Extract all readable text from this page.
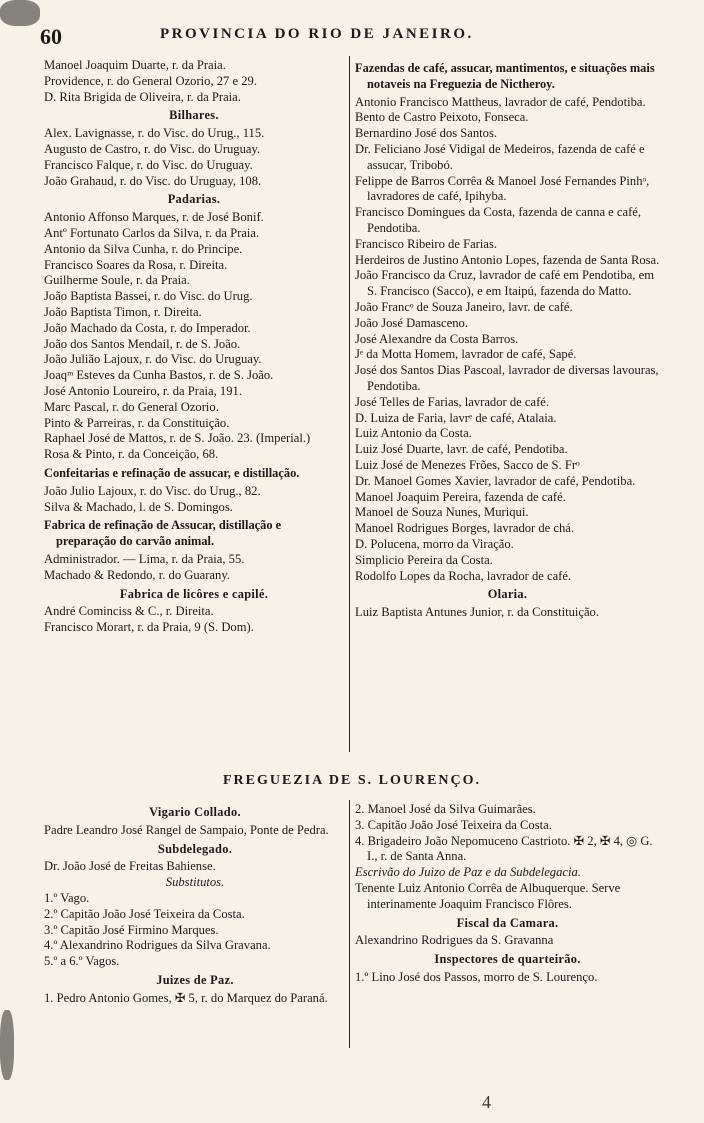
60	PROVINCIA DO RIO DE JANEIRO.
Manoel Joaquim Duarte, r. da Praia.
Providence, r. do General Ozorio, 27 e 29.
D. Rita Brigida de Oliveira, r. da Praia.
Bilhares.
Alex. Lavignasse, r. do Visc. do Urug., 115.
Augusto de Castro, r. do Visc. do Uruguay.
Francisco Falque, r. do Visc. do Uruguay.
João Grahaud, r. do Visc. do Uruguay, 108.
Padarias.
Antonio Affonso Marques, r. de José Bonif.
Antº Fortunato Carlos da Silva, r. da Praia.
Antonio da Silva Cunha, r. do Principe.
Francisco Soares da Rosa, r. Direita.
Guilherme Soule, r. da Praia.
João Baptista Bassei, r. do Visc. do Urug.
João Baptista Timon, r. Direita.
João Machado da Costa, r. do Imperador.
João dos Santos Mendail, r. de S. João.
João Julião Lajoux, r. do Visc. do Uruguay.
Joaqᵐ Esteves da Cunha Bastos, r. de S. João.
José Antonio Loureiro, r. da Praia, 191.
Marc Pascal, r. do General Ozorio.
Pinto & Parreiras, r. da Constituição.
Raphael José de Mattos, r. de S. João. 23. (Imperial.)
Rosa & Pinto, r. da Conceição, 68.
Confeitarias e refinação de assucar, e distillação.
João Julio Lajoux, r. do Visc. do Urug., 82.
Silva & Machado, l. de S. Domingos.
Fabrica de refinação de Assucar, distillação e preparação do carvão animal.
Administrador. — Lima, r. da Praia, 55.
Machado & Redondo, r. do Guarany.
Fabrica de licôres e capilé.
André Cominciss & C., r. Direita.
Francisco Morart, r. da Praia, 9 (S. Dom).
Fazendas de café, assucar, mantimentos, e situações mais notaveis na Freguezia de Nictheroy.
Antonio Francisco Mattheus, lavrador de café, Pendotiba.
Bento de Castro Peixoto, Fonseca.
Bernardino José dos Santos.
Dr. Feliciano José Vidigal de Medeiros, fazenda de café e assucar, Tribobó.
Felippe de Barros Corrêa & Manoel José Fernandes Pinhᵒ, lavradores de café, Ipihyba.
Francisco Domingues da Costa, fazenda de canna e café, Pendotiba.
Francisco Ribeiro de Farias.
Herdeiros de Justino Antonio Lopes, fazenda de Santa Rosa.
João Francisco da Cruz, lavrador de café em Pendotiba, em S. Francisco (Sacco), e em Itaipú, fazenda do Matto.
João Francᵒ de Souza Janeiro, lavr. de café.
João José Damasceno.
José Alexandre da Costa Barros.
Jᵉ da Motta Homem, lavrador de café, Sapé.
José dos Santos Dias Pascoal, lavrador de diversas lavouras, Pendotiba.
José Telles de Farias, lavrador de café.
D. Luiza de Faria, lavrᵉ de café, Atalaia.
Luiz Antonio da Costa.
Luiz José Duarte, lavr. de café, Pendotiba.
Luiz José de Menezes Frões, Sacco de S. Frᵒ
Dr. Manoel Gomes Xavier, lavrador de café, Pendotiba.
Manoel Joaquim Pereira, fazenda de café.
Manoel de Souza Nunes, Muriqui.
Manoel Rodrigues Borges, lavrador de chá.
D. Polucena, morro da Viração.
Simplicio Pereira da Costa.
Rodolfo Lopes da Rocha, lavrador de café.
Olaria.
Luiz Baptista Antunes Junior, r. da Constituição.
FREGUEZIA DE S. LOURENÇO.
Vigario Collado.
Padre Leandro José Rangel de Sampaio, Ponte de Pedra.
Subdelegado.
Dr. João José de Freitas Bahiense.
Substitutos.
1.º Vago.
2.º Capitão João José Teixeira da Costa.
3.º Capitão José Firmino Marques.
4.º Alexandrino Rodrigues da Silva Gravana.
5.º a 6.º Vagos.
Juizes de Paz.
1. Pedro Antonio Gomes, ✠ 5, r. do Marquez do Paraná.
2. Manoel José da Silva Guimarães.
3. Capitão João José Teixeira da Costa.
4. Brigadeiro João Nepomuceno Castrioto. ✠ 2, ✠ 4, ◎ G. I., r. de Santa Anna.
Escrivão do Juizo de Paz e da Subdelegacia.
Tenente Luiz Antonio Corrêa de Albuquerque. Serve interinamente Joaquim Francisco Flôres.
Fiscal da Camara.
Alexandrino Rodrigues da S. Gravanna
Inspectores de quarteirão.
1.º Lino José dos Passos, morro de S. Lourenço.
4
